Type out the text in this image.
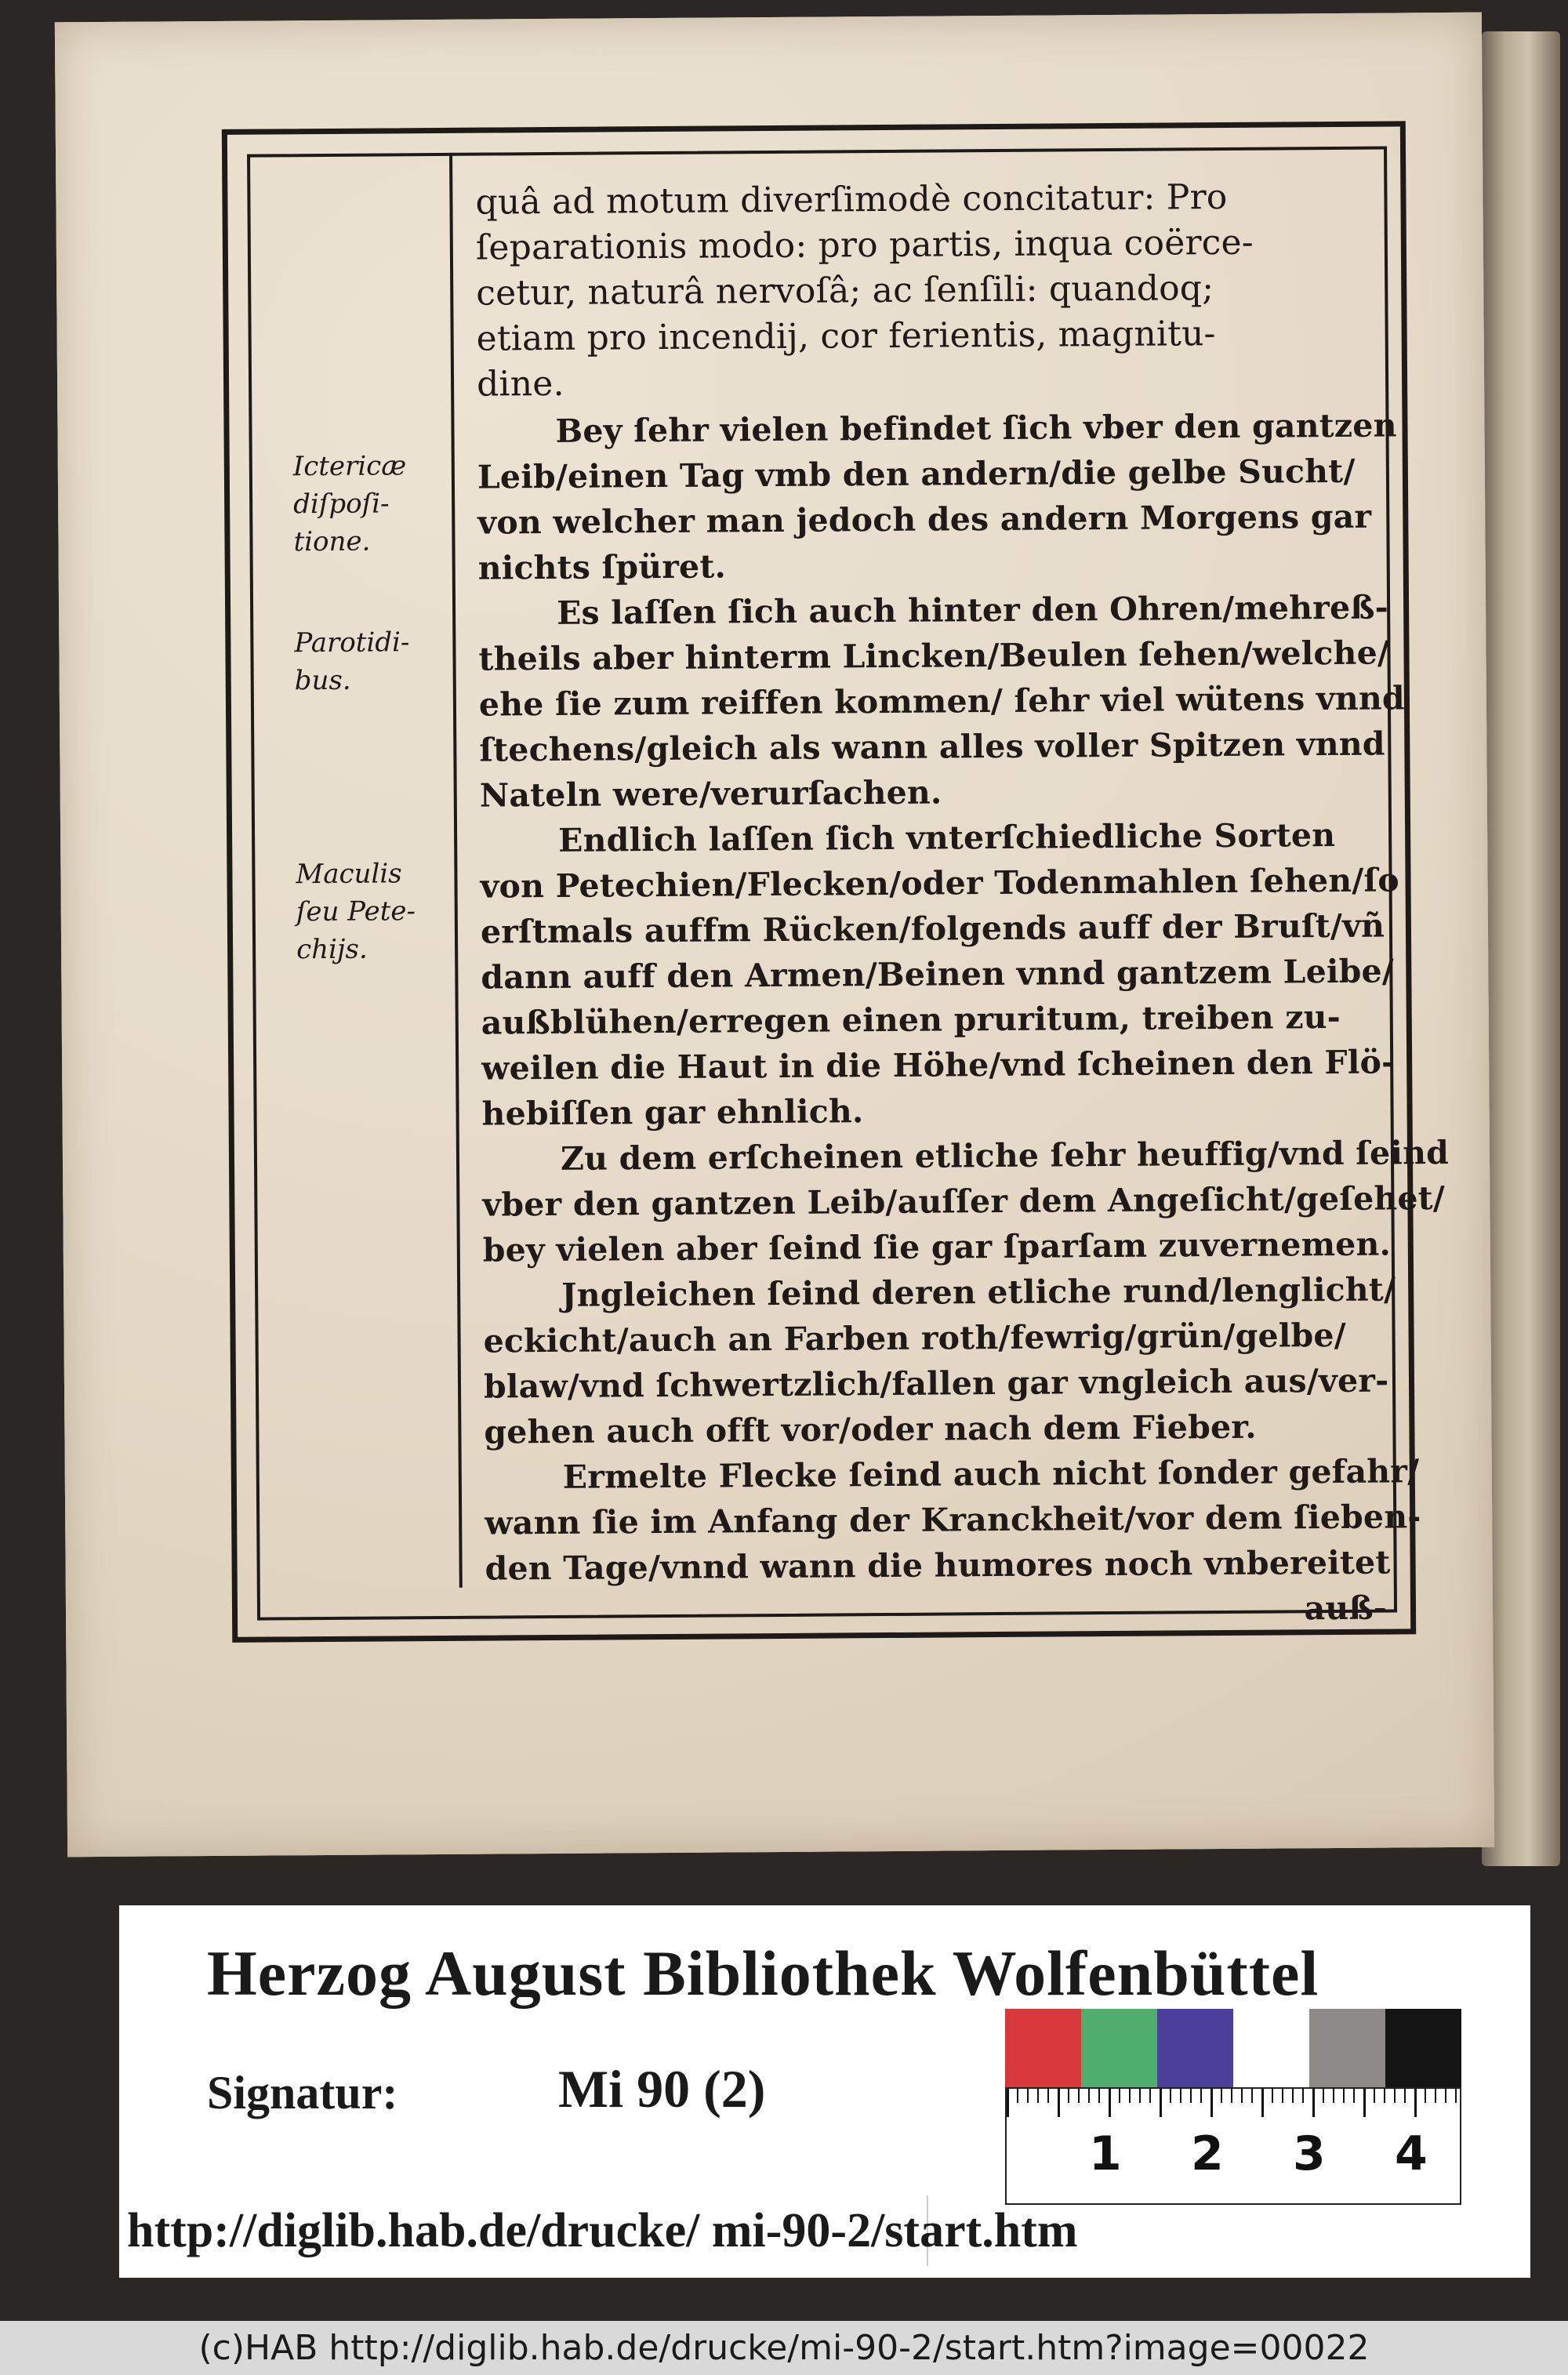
quâ ad motum diverſimodè concitatur: Pro
ſeparationis modo: pro partis, inqua coërce-
cetur, naturâ nervoſâ; ac ſenſili: quandoq;
etiam pro incendij, cor ferientis, magnitu-
dine.
Bey ſehr vielen befindet ſich vber den gantzen
Leib/einen Tag vmb den andern/die gelbe Sucht/
von welcher man jedoch des andern Morgens gar
nichts ſpüret.
Es laſſen ſich auch hinter den Ohren/mehreß-
theils aber hinterm Lincken/Beulen ſehen/welche/
ehe ſie zum reiffen kommen/ ſehr viel wütens vnnd
ſtechens/gleich als wann alles voller Spitzen vnnd
Nateln were/verurſachen.
Endlich laſſen ſich vnterſchiedliche Sorten
von Petechien/Flecken/oder Todenmahlen ſehen/ſo
erſtmals auffm Rücken/folgends auff der Bruſt/vñ
dann auff den Armen/Beinen vnnd gantzem Leibe/
außblühen/erregen einen pruritum, treiben zu-
weilen die Haut in die Höhe/vnd ſcheinen den Flö-
hebiſſen gar ehnlich.
Zu dem erſcheinen etliche ſehr heuffig/vnd ſeind
vber den gantzen Leib/auſſer dem Angeſicht/geſehet/
bey vielen aber ſeind ſie gar ſparſam zuvernemen.
Jngleichen ſeind deren etliche rund/lenglicht/
eckicht/auch an Farben roth/fewrig/grün/gelbe/
blaw/vnd ſchwertzlich/fallen gar vngleich aus/ver-
gehen auch offt vor/oder nach dem Fieber.
Ermelte Flecke ſeind auch nicht ſonder gefahr/
wann ſie im Anfang der Kranckheit/vor dem ſieben-
den Tage/vnnd wann die humores noch vnbereitet
auß-
Ictericæ
diſpoſi-
tione.
Parotidi-
bus.
Maculis
ſeu Pete-
chijs.
Herzog August Bibliothek Wolfenbüttel
Signatur:	Mi 90 (2)
1 2 3 4
http://diglib.hab.de/drucke/ mi-90-2/start.htm
(c)HAB http://diglib.hab.de/drucke/mi-90-2/start.htm?image=00022
